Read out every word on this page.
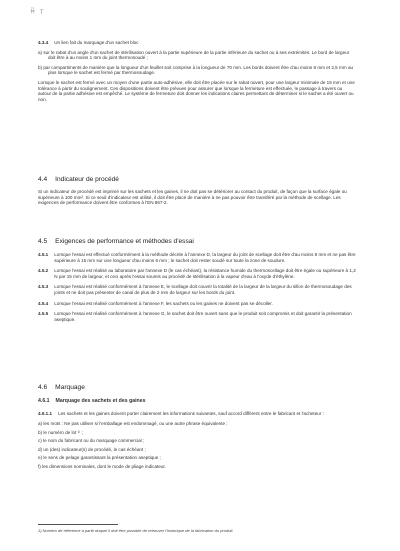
ꟸ̈ ᵀ
4.3.4 Un lien fait du marquage d'un sachet bloc
a) sur le rabat d'un angle d'un sachet de stérilisation ouvert à la partie supérieure de la partie inférieure du sachet ou à ses extrémités. Le bord de largeur doit être à au moins 1 mm du joint thermosoudé ;
b) par compartiments de manière que la longueur d'un feuillet soit comprise à la longueur de 70 mm. Les bords doivent être d'au moins 8 mm et 2,5 mm au plus lorsque le sachet est fermé par thermosoudage.
Lorsque le sachet est fermé avec un moyen d'une partie auto-adhésive, elle doit être placée sur le rabat ouvert, pour une largeur minimale de 15 mm et une tolérance à partir du soulignement. Ces dispositions doivent être prévues pour assurer que lorsque la fermeture est effectuée, le passage à travers ou autour de la partie adhésive est empêché. Le système de fermeture doit donner les indications claires permettant de déterminer si le sachet a été ouvert ou non.
4.4 Indicateur de procédé
Si un indicateur de procédé est imprimé sur les sachets et les gaines, il ne doit pas se détériorer au contact du produit, de façon que la surface égale ou supérieure à 100 mm². Si ce seuil d'indicateur est utilisé, il doit être placé de manière à ne pas pouvoir être transféré par la méthode de scellage. Les exigences de performance doivent être conformes à l'EN 867-2.
4.5 Exigences de performance et méthodes d'essai
4.5.1 Lorsque l'essai est effectué conformément à la méthode décrite à l'annexe D, la largeur du joint de scellage doit être d'au moins 8 mm et ne pas être supérieure à 15 mm sur une longueur d'au moins 6 mm ; le sachet doit rester soudé sur toute la zone de soudure.
4.5.2 Lorsque l'essai est réalisé au laboratoire par l'annexe D (le cas échéant), la résistance humide du thermoscellage doit être égale ou supérieure à 1,2 N par 15 mm de largeur, et ceci après l'essai soumis au procédé de stérilisation à la vapeur d'eau à l'oxyde d'éthylène.
4.5.3 Lorsque l'essai est réalisé conformément à l'annexe E, le scellage doit couvrir la totalité de la largeur de la largeur du sillon de thermosoudage des joints et ne doit pas présenter de canal de plus de 2 mm de largeur sur les bords du joint.
4.5.4 Lorsque l'essai est réalisé conformément à l'annexe F, les sachets ou les gaines ne doivent pas se décoller.
4.5.5 Lorsque l'essai est réalisé conformément à l'annexe G, le sachet doit être ouvert sans que le produit soit compromis et doit garantir la présentation aseptique.
4.6 Marquage
4.6.1 Marquage des sachets et des gaines
4.6.1.1 Les sachets et les gaines doivent porter clairement les informations suivantes, sauf accord différent entre le fabricant et l'acheteur :
a) les mots : Ne pas utiliser si l'emballage est endommagé, ou une autre phrase équivalente ;
b) le numéro de lot ¹⁾ ;
c) le nom du fabricant ou du marquage commercial ;
d) un (des) indicateur(s) de procédé, le cas échéant ;
e) le sens de pelage garantissant la présentation aseptique ;
f) les dimensions nominales, dont le mode de pliage indicateur.
1) Numéro de référence à partir duquel il doit être possible de retrouver l'historique de la fabrication du produit.
